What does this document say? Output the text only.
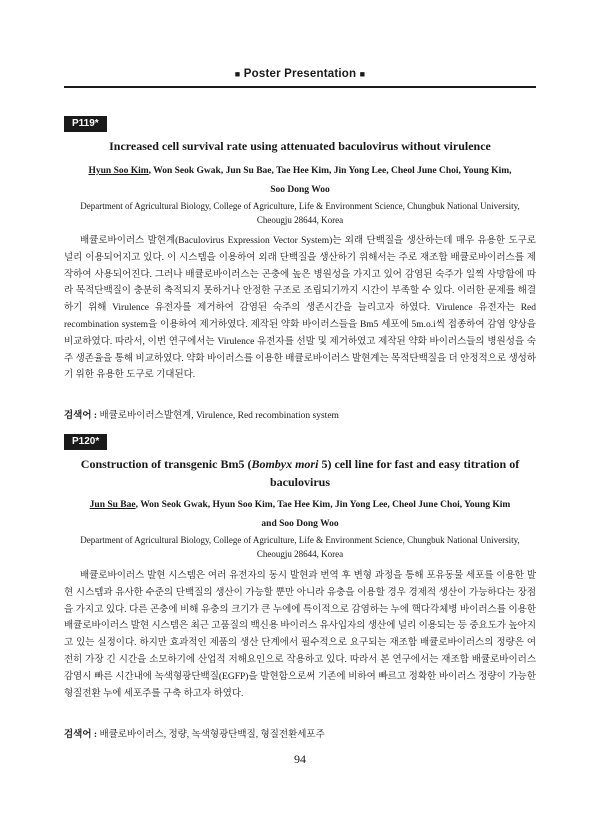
■ Poster Presentation ■
P119*
Increased cell survival rate using attenuated baculovirus without virulence
Hyun Soo Kim, Won Seok Gwak, Jun Su Bae, Tae Hee Kim, Jin Yong Lee, Cheol June Choi, Young Kim,
Soo Dong Woo
Department of Agricultural Biology, College of Agriculture, Life & Environment Science, Chungbuk National University,
Cheougju 28644, Korea
배큘로바이러스 발현계(Baculovirus Expression Vector System)는 외래 단백질을 생산하는데 매우 유용한 도구로 널리 이용되어지고 있다. 이 시스템을 이용하여 외래 단백질을 생산하기 위해서는 주로 재조합 배큘로바이러스를 제작하여 사용되어진다. 그러나 배큘로바이러스는 곤충에 높은 병원성을 가지고 있어 감염된 숙주가 일찍 사망함에 따라 목적단백질이 충분히 축적되지 못하거나 안정한 구조로 조립되기까지 시간이 부족할 수 있다. 이러한 문제를 해결하기 위해 Virulence 유전자를 제거하여 감염된 숙주의 생존시간을 늘리고자 하였다. Virulence 유전자는 Red recombination system을 이용하여 제거하였다. 제작된 약화 바이러스들을 Bm5 세포에 5m.o.i씩 접종하여 감염 양상을 비교하였다. 따라서, 이번 연구에서는 Virulence 유전자를 선발 및 제거하였고 제작된 약화 바이러스들의 병원성을 숙주 생존율을 통해 비교하였다. 약화 바이러스를 이용한 배큘로바이러스 발현계는 목적단백질을 더 안정적으로 생성하기 위한 유용한 도구로 기대된다.
검색어 : 배큘로바이러스발현계, Virulence, Red recombination system
P120*
Construction of transgenic Bm5 (Bombyx mori 5) cell line for fast and easy titration of
baculovirus
Jun Su Bae, Won Seok Gwak, Hyun Soo Kim, Tae Hee Kim, Jin Yong Lee, Cheol June Choi, Young Kim
and Soo Dong Woo
Department of Agricultural Biology, College of Agriculture, Life & Environment Science, Chungbuk National University,
Cheougju 28644, Korea
배큘로바이러스 발현 시스템은 여러 유전자의 동시 발현과 번역 후 변형 과정을 통해 포유동물 세포를 이용한 발현 시스템과 유사한 수준의 단백질의 생산이 가능할 뿐만 아니라 유충을 이용할 경우 경제적 생산이 가능하다는 장점을 가지고 있다. 다른 곤충에 비해 유충의 크기가 큰 누에에 특이적으로 감염하는 누에 핵다각체병 바이러스를 이용한 배큘로바이러스 발현 시스템은 최근 고품질의 백신용 바이러스 유사입자의 생산에 널리 이용되는 등 중요도가 높아지고 있는 실정이다. 하지만 효과적인 제품의 생산 단계에서 필수적으로 요구되는 재조합 배큘로바이러스의 정량은 여전히 가장 긴 시간을 소모하기에 산업적 저해요인으로 작용하고 있다. 따라서 본 연구에서는 재조합 배큘로바이러스 감염시 빠른 시간내에 녹색형광단백질(EGFP)을 발현함으로써 기존에 비하여 빠르고 정확한 바이러스 정량이 가능한 형질전환 누에 세포주를 구축 하고자 하였다.
검색어 : 배큘로바이러스, 정량, 녹색형광단백질, 형질전환세포주
94
